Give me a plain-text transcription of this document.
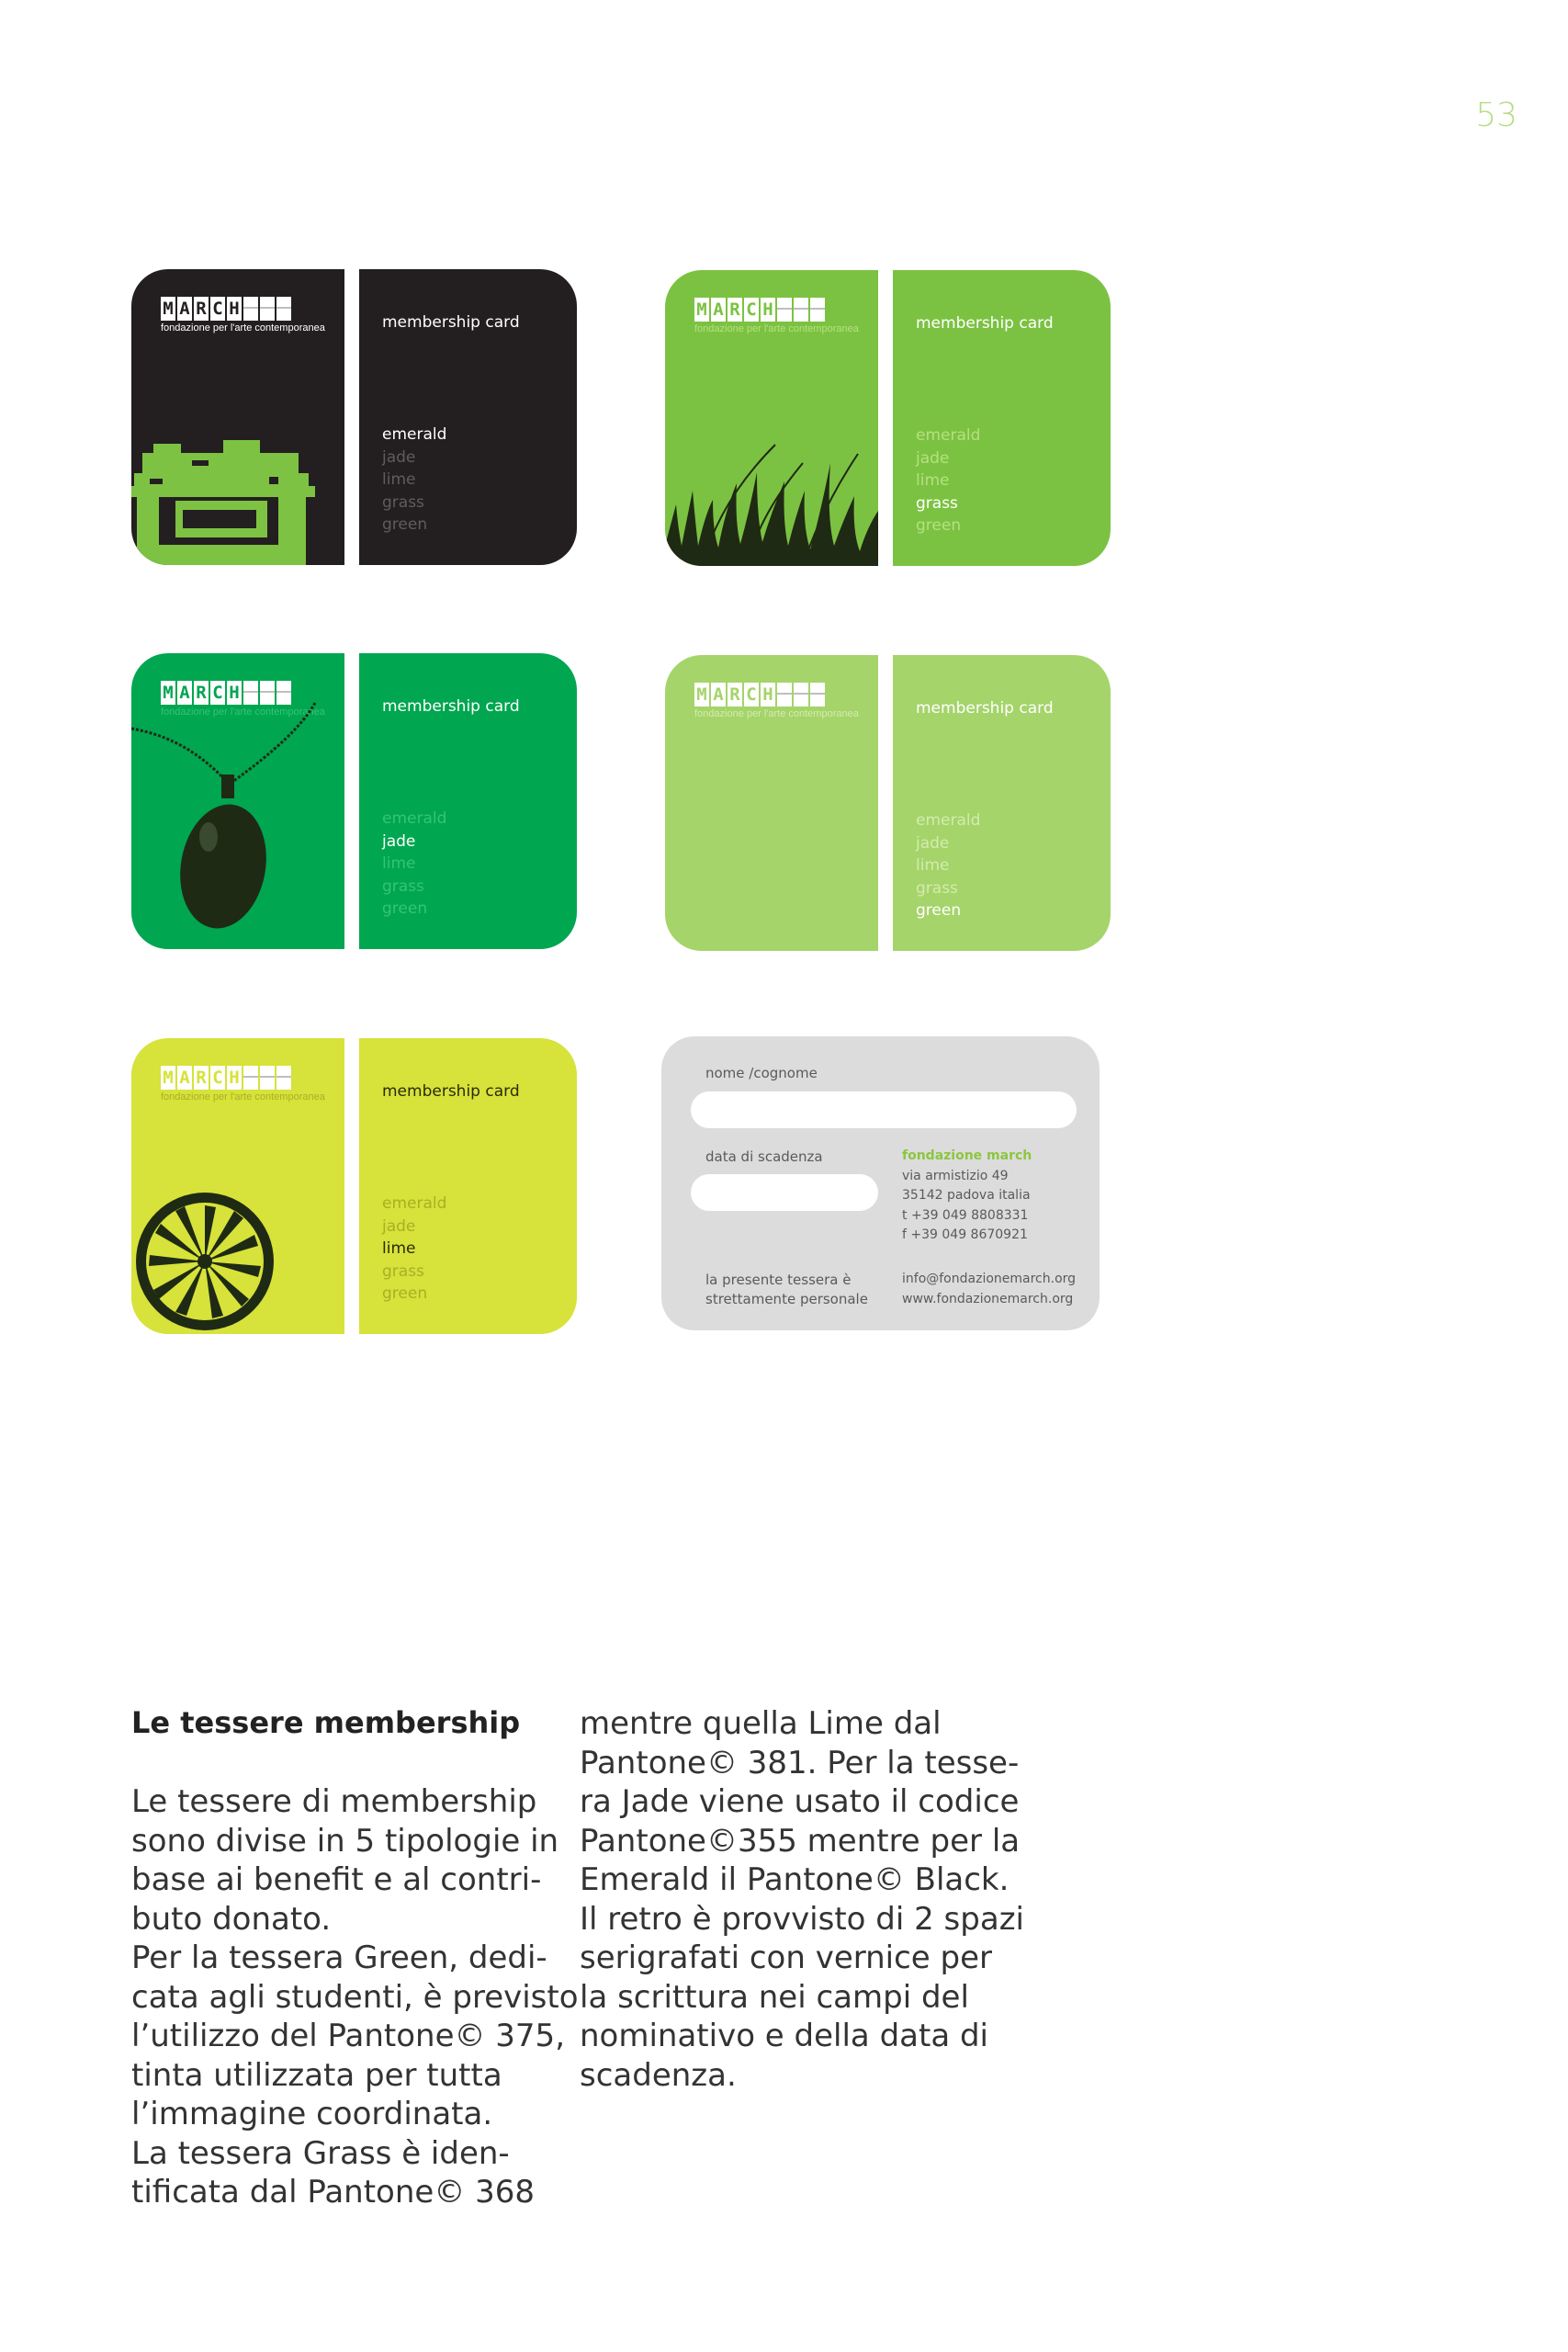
53
M A R C H
fondazione per l'arte contemporanea	membership card
emerald
jade
lime
grass
green
M A R C H
fondazione per l'arte contemporanea	membership card
emerald
jade
lime
grass
green
M A R C H
fondazione per l'arte contemporanea	membership card
emerald
jade
lime
grass
green
M A R C H
fondazione per l'arte contemporanea	membership card
emerald
jade
lime
grass
green
M A R C H
fondazione per l'arte contemporanea	membership card
emerald
jade
lime
grass
green
nome /cognome
data di scadenza
la presente tessera è
strettamente personale
fondazione march
via armistizio 49
35142 padova italia
t +39 049 8808331
f +39 049 8670921
info@fondazionemarch.org
www.fondazionemarch.org
Le tessere membership
Le tessere di membership
sono divise in 5 tipologie in
base ai benefit e al contri-
buto donato.
Per la tessera Green, dedi-
cata agli studenti, è previsto
l’utilizzo del Pantone© 375,
tinta utilizzata per tutta
l’immagine coordinata.
La tessera Grass è iden-
tificata dal Pantone© 368
mentre quella Lime dal
Pantone© 381. Per la tesse-
ra Jade viene usato il codice
Pantone©355 mentre per la
Emerald il Pantone© Black.
Il retro è provvisto di 2 spazi
serigrafati con vernice per
la scrittura nei campi del
nominativo e della data di
scadenza.
